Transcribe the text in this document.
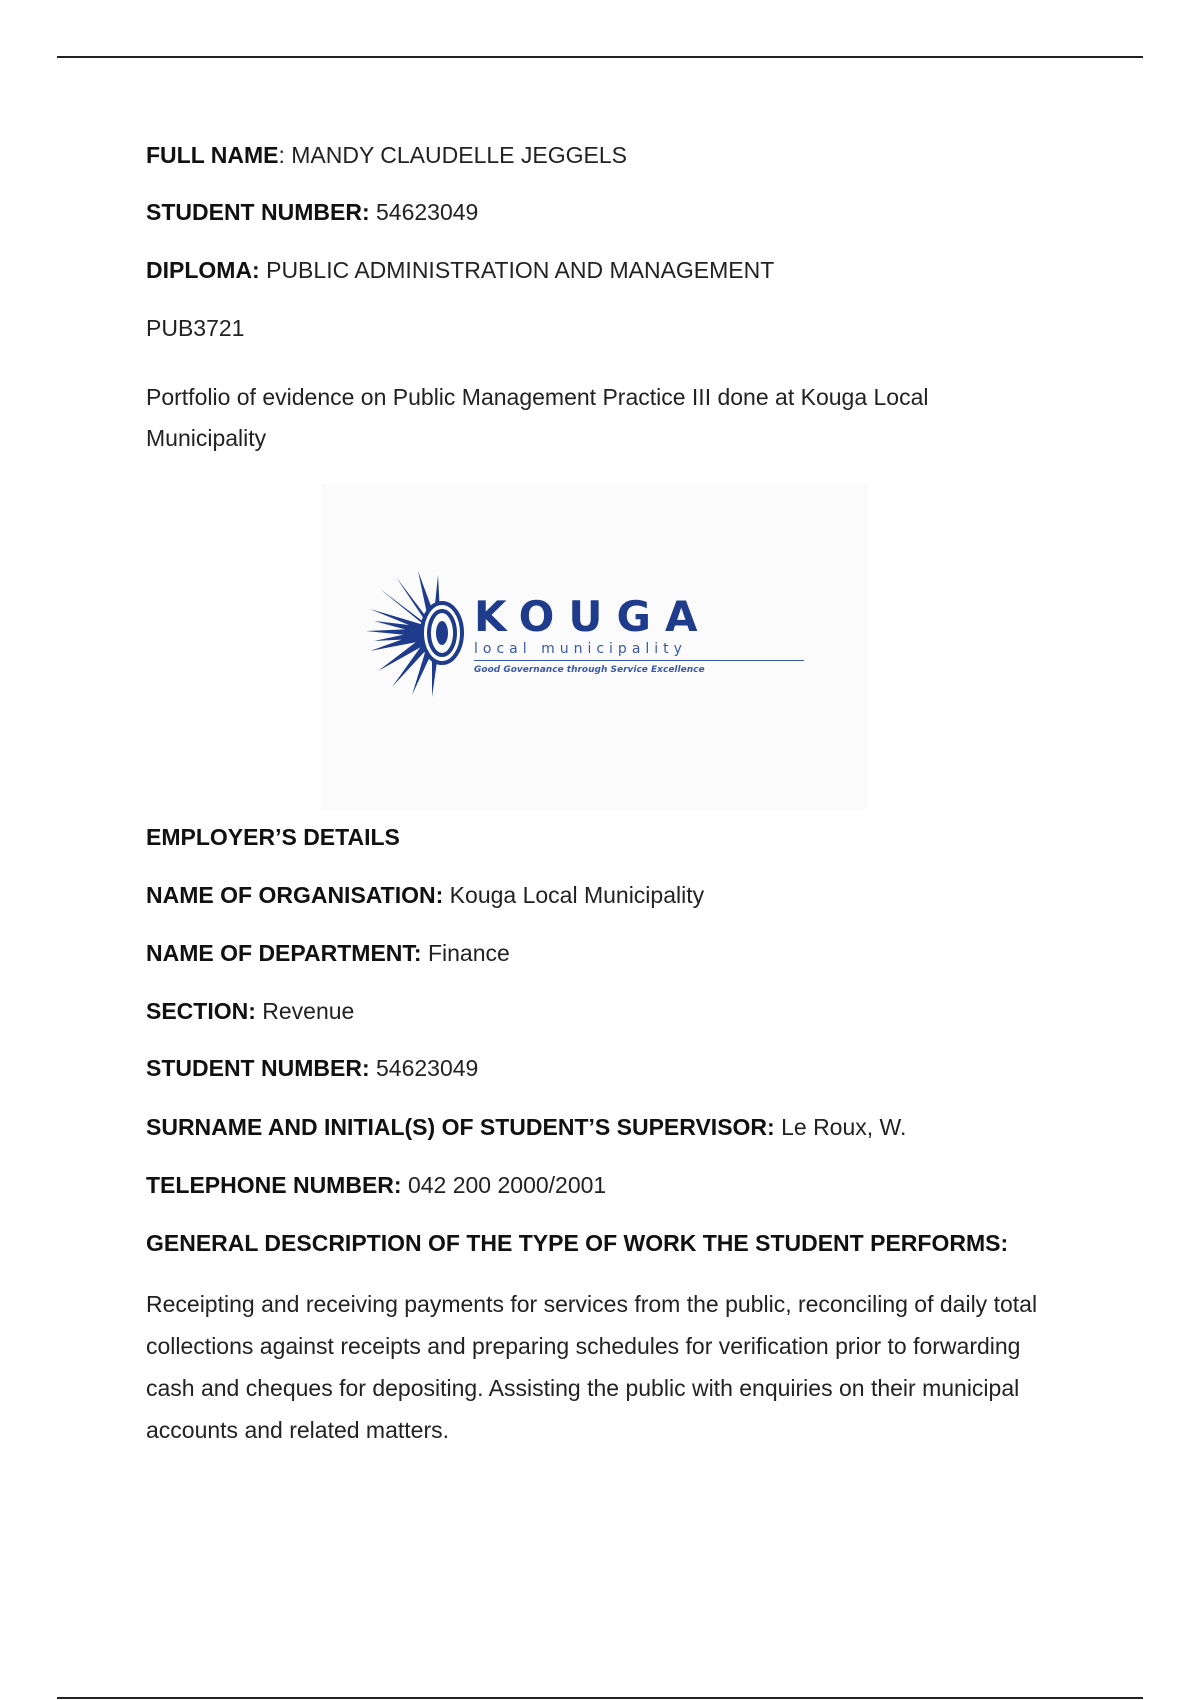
FULL NAME: MANDY CLAUDELLE JEGGELS

STUDENT NUMBER: 54623049

DIPLOMA: PUBLIC ADMINISTRATION AND MANAGEMENT

PUB3721

Portfolio of evidence on Public Management Practice III done at Kouga Local Municipality
KOUGA
local municipality
Good Governance through Service Excellence

EMPLOYER’S DETAILS

NAME OF ORGANISATION: Kouga Local Municipality

NAME OF DEPARTMENT: Finance

SECTION: Revenue

STUDENT NUMBER: 54623049

SURNAME AND INITIAL(S) OF STUDENT’S SUPERVISOR: Le Roux, W.

TELEPHONE NUMBER: 042 200 2000/2001

GENERAL DESCRIPTION OF THE TYPE OF WORK THE STUDENT PERFORMS:

Receipting and receiving payments for services from the public, reconciling of daily total collections against receipts and preparing schedules for verification prior to forwarding cash and cheques for depositing. Assisting the public with enquiries on their municipal accounts and related matters.
